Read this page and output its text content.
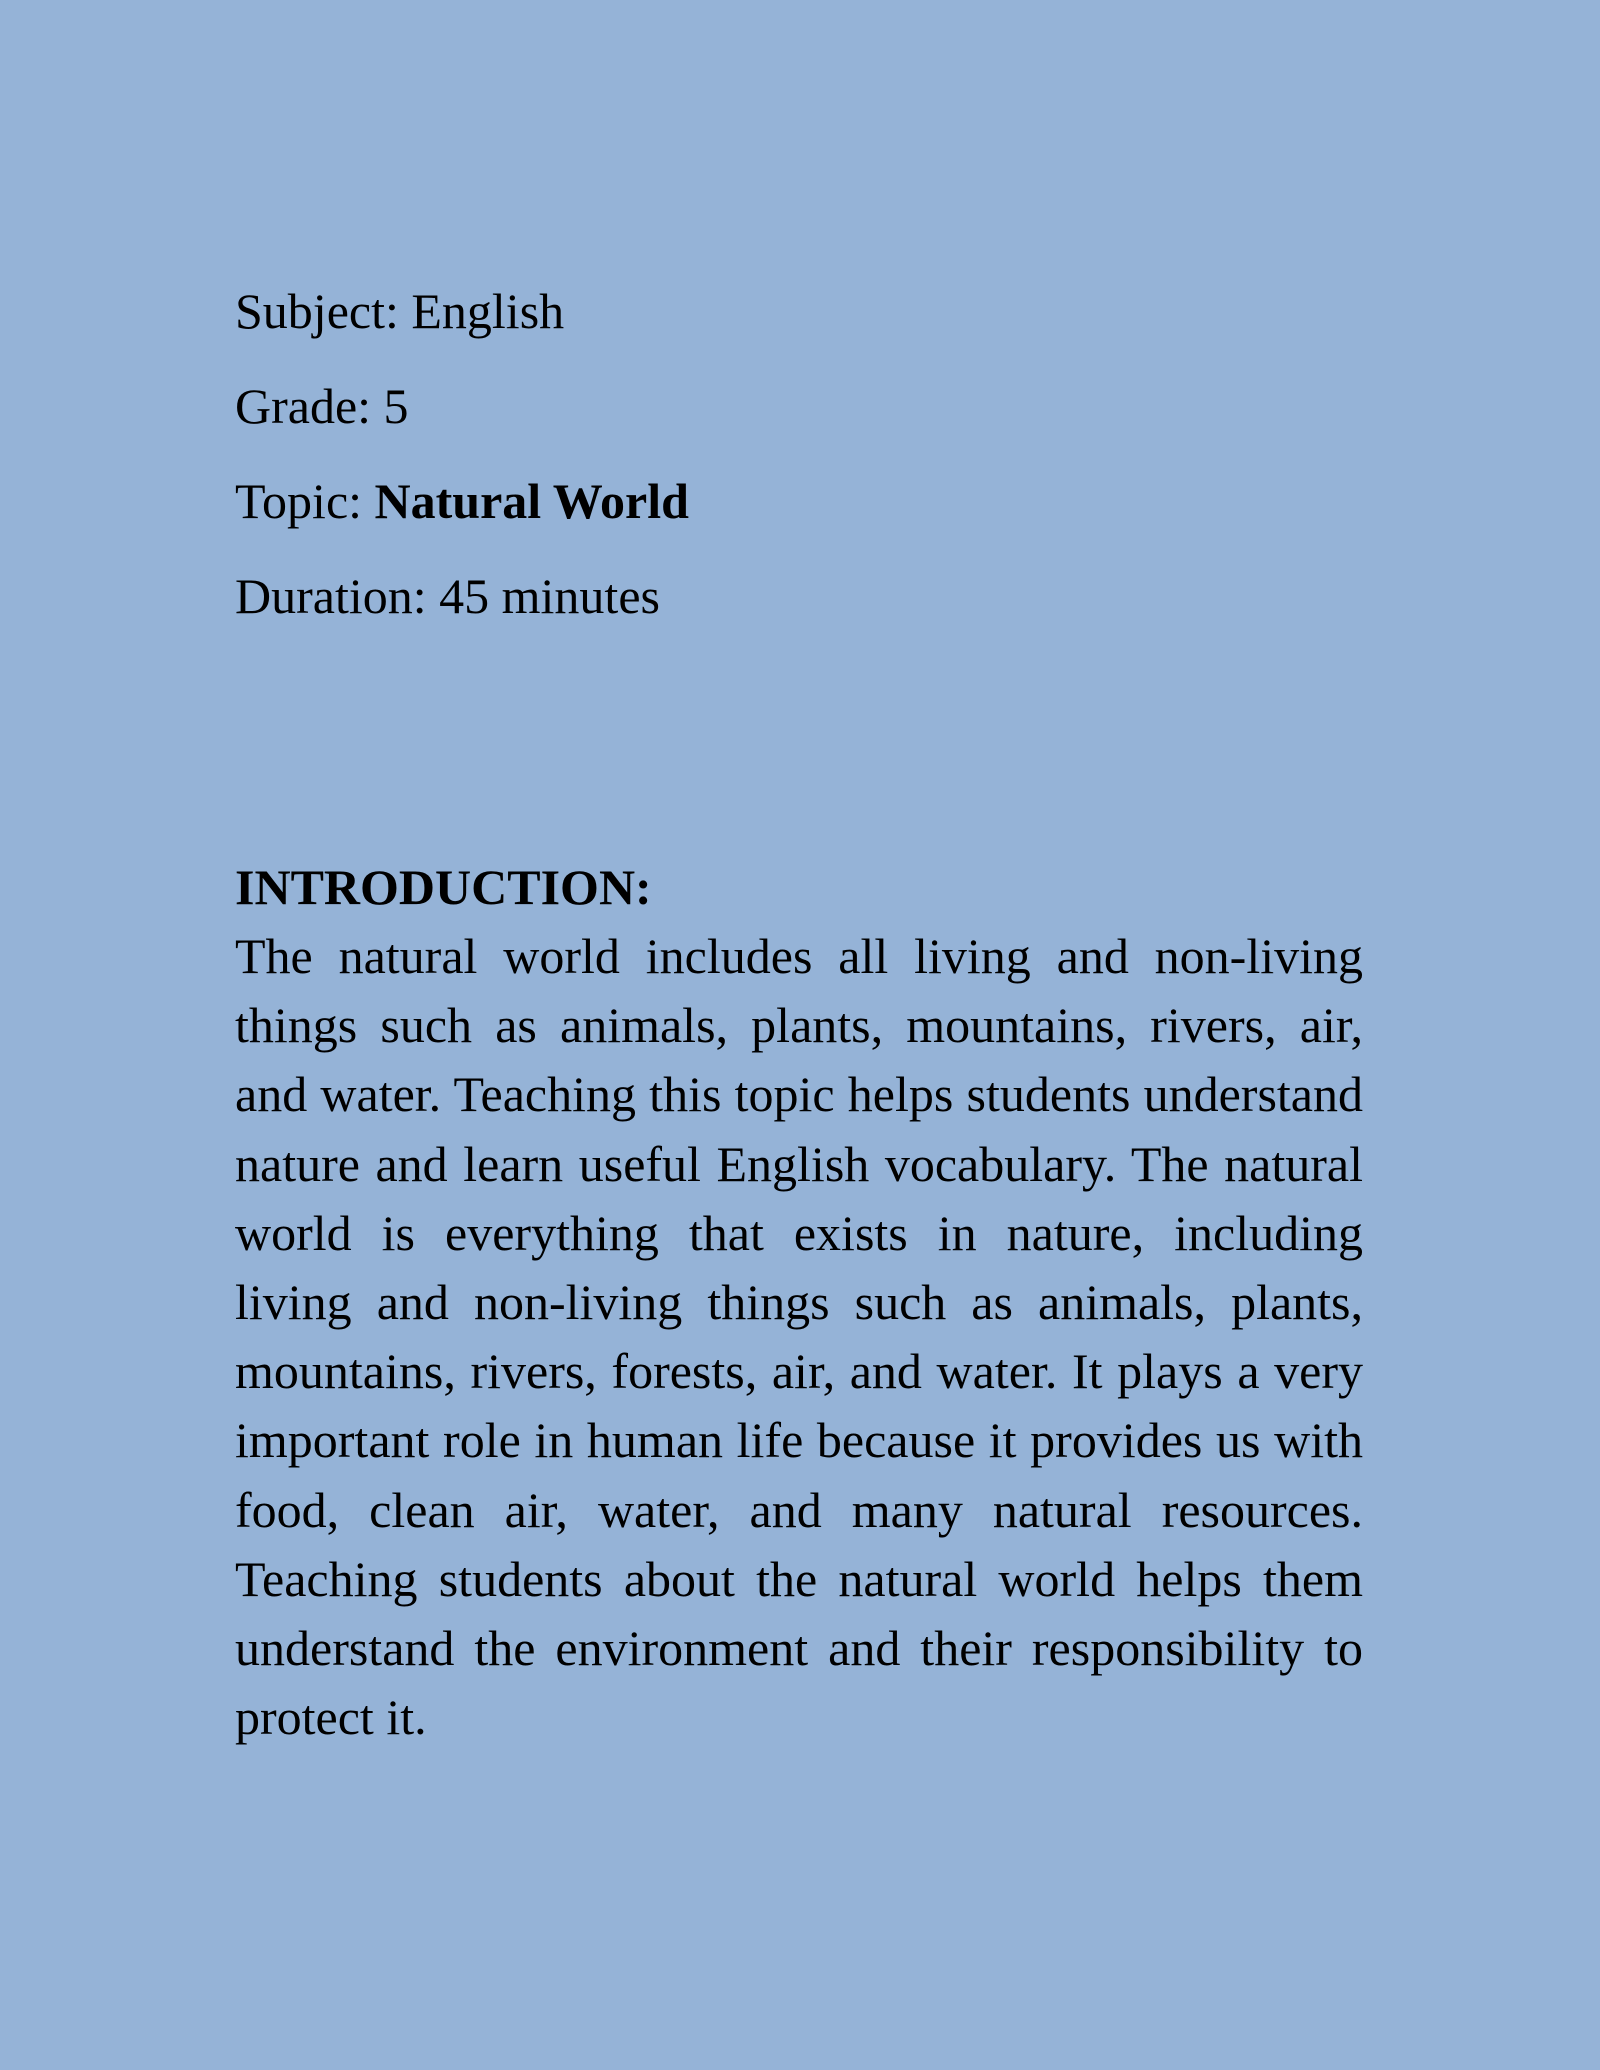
Subject: English
Grade: 5
Topic: Natural World
Duration: 45 minutes

INTRODUCTION:

The natural world includes all living and non-living things such as animals, plants, mountains, rivers, air, and water. Teaching this topic helps students understand nature and learn useful English vocabulary. The natural world is everything that exists in nature, including living and non-living things such as animals, plants, mountains, rivers, forests, air, and water. It plays a very important role in human life because it provides us with food, clean air, water, and many natural resources. Teaching students about the natural world helps them understand the environment and their responsibility to protect it.
